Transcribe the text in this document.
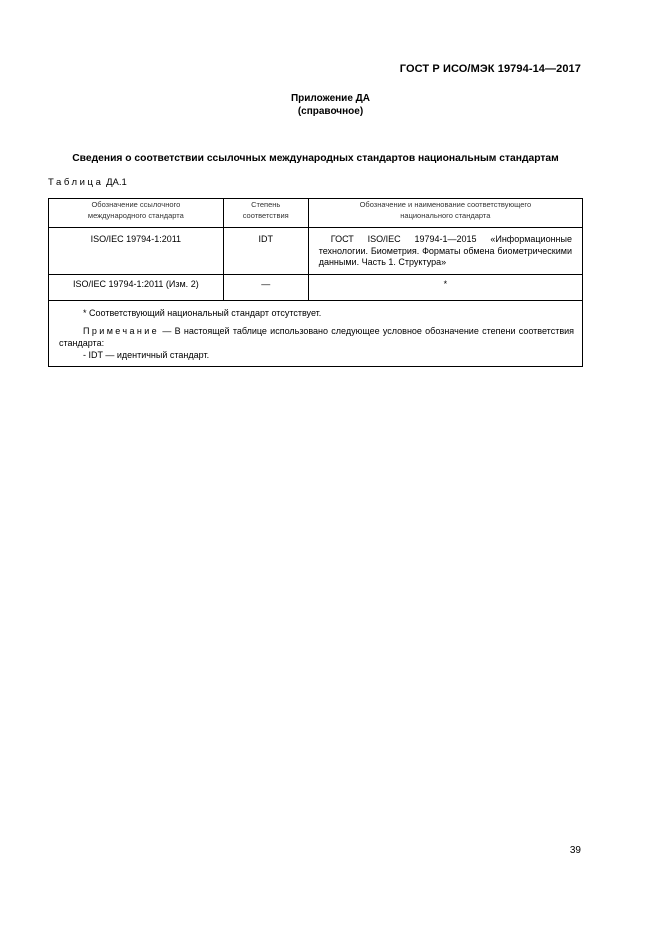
ГОСТ Р ИСО/МЭК 19794-14—2017
Приложение ДА
(справочное)
Сведения о соответствии ссылочных международных стандартов национальным стандартам
Таблица ДА.1
Обозначение ссылочного международного стандарта	Степень соответствия	Обозначение и наименование соответствующего национального стандарта
ISO/IEC 19794-1:2011	IDT	ГОСТ ISO/IEC 19794-1—2015 «Информационные технологии. Биометрия. Форматы обмена биометрическими данными. Часть 1. Структура»
ISO/IEC 19794-1:2011 (Изм. 2)	—	*

* Соответствующий национальный стандарт отсутствует.
Примечание — В настоящей таблице использовано следующее условное обозначение степени соответствия стандарта:
- IDT — идентичный стандарт.		
39
